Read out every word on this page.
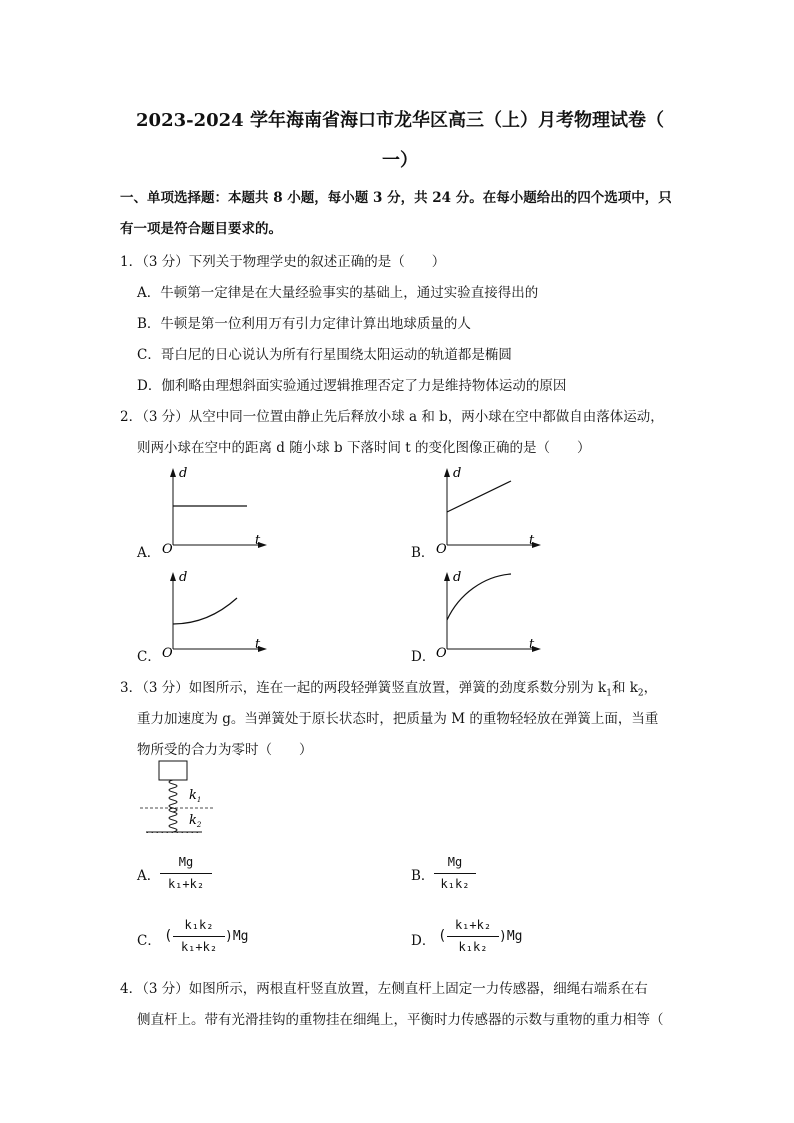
2023-2024 学年海南省海口市龙华区高三（上）月考物理试卷（
一）
一、单项选择题：本题共 8 小题，每小题 3 分，共 24 分。在每小题给出的四个选项中，只
有一项是符合题目要求的。
1．（3 分）下列关于物理学史的叙述正确的是（　　）
A．牛顿第一定律是在大量经验事实的基础上，通过实验直接得出的
B．牛顿是第一位利用万有引力定律计算出地球质量的人
C．哥白尼的日心说认为所有行星围绕太阳运动的轨道都是椭圆
D．伽利略由理想斜面实验通过逻辑推理否定了力是维持物体运动的原因
2．（3 分）从空中同一位置由静止先后释放小球 a 和 b，两小球在空中都做自由落体运动，
则两小球在空中的距离 d 随小球 b 下落时间 t 的变化图像正确的是（　　）
A．
d
t
O	B．
d
t
O
C．
d
t
O	D．
d
t
O
3．（3 分）如图所示，连在一起的两段轻弹簧竖直放置，弹簧的劲度系数分别为 $k_1$和 $k_2$，
重力加速度为 g。当弹簧处于原长状态时，把质量为 M 的重物轻轻放在弹簧上面，当重
物所受的合力为零时（　　）
$k_1$
$k_2$
A．
Mg
k₁+k₂	B．
Mg
k₁k₂
C． (
k₁k₂
k₁+k₂
)Mg	D． (
k₁+k₂
k₁k₂
)Mg
4．（3 分）如图所示，两根直杆竖直放置，左侧直杆上固定一力传感器，细绳右端系在右
侧直杆上。带有光滑挂钩的重物挂在细绳上，平衡时力传感器的示数与重物的重力相等（
